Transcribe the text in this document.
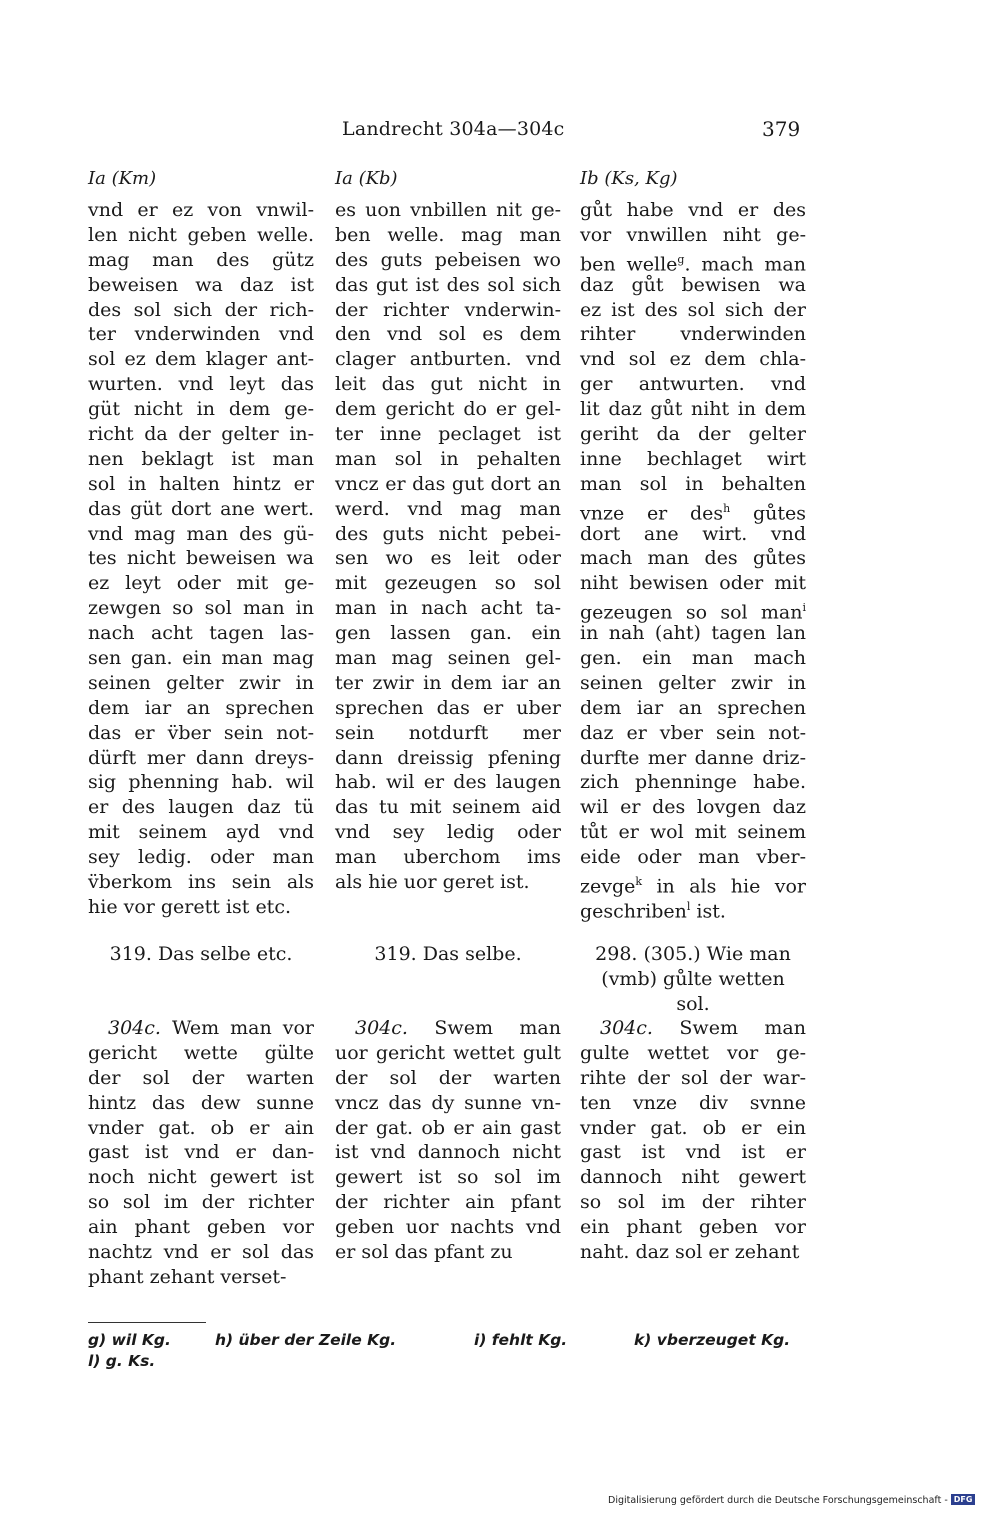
Landrecht 304a—304c	379
Ia (Km)
vnd er ez von vnwil-
len nicht geben welle.
mag man des gütz
beweisen wa daz ist
des sol sich der rich-
ter vnderwinden vnd
sol ez dem klager ant-
wurten. vnd leyt das
güt nicht in dem ge-
richt da der gelter in-
nen beklagt ist man
sol in halten hintz er
das güt dort ane wert.
vnd mag man des gü-
tes nicht beweisen wa
ez leyt oder mit ge-
zewgen so sol man in
nach acht tagen las-
sen gan. ein man mag
seinen gelter zwir in
dem iar an sprechen
das er v̈ber sein not-
dürft mer dann dreys-
sig phenning hab. wil
er des laugen daz tü
mit seinem ayd vnd
sey ledig. oder man
v̈berkom ins sein als
hie vor gerett ist etc.
319. Das selbe etc.
304c. Wem man vor
gericht wette gülte
der sol der warten
hintz das dew sunne
vnder gat. ob er ain
gast ist vnd er dan-
noch nicht gewert ist
so sol im der richter
ain phant geben vor
nachtz vnd er sol das
phant zehant verset-
Ia (Kb)
es uon vnbillen nit ge-
ben welle. mag man
des guts pebeisen wo
das gut ist des sol sich
der richter vnderwin-
den vnd sol es dem
clager antburten. vnd
leit das gut nicht in
dem gericht do er gel-
ter inne peclaget ist
man sol in pehalten
vncz er das gut dort an
werd. vnd mag man
des guts nicht pebei-
sen wo es leit oder
mit gezeugen so sol
man in nach acht ta-
gen lassen gan. ein
man mag seinen gel-
ter zwir in dem iar an
sprechen das er uber
sein notdurft mer
dann dreissig pfening
hab. wil er des laugen
das tu mit seinem aid
vnd sey ledig oder
man uberchom ims
als hie uor geret ist.
319. Das selbe.
304c. Swem man
uor gericht wettet gult
der sol der warten
vncz das dy sunne vn-
der gat. ob er ain gast
ist vnd dannoch nicht
gewert ist so sol im
der richter ain pfant
geben uor nachts vnd
er sol das pfant zu
Ib (Ks, Kg)
gůt habe vnd er des
vor vnwillen niht ge-
ben welle$^g$. mach man
daz gůt bewisen wa
ez ist des sol sich der
rihter vnderwinden
vnd sol ez dem chla-
ger antwurten. vnd
lit daz gůt niht in dem
geriht da der gelter
inne bechlaget wirt
man sol in behalten
vnze er des$^h$ gůtes
dort ane wirt. vnd
mach man des gůtes
niht bewisen oder mit
gezeugen so sol man$^i$
in nah (aht) tagen lan
gen. ein man mach
seinen gelter zwir in
dem iar an sprechen
daz er vber sein not-
durfte mer danne driz-
zich phenninge habe.
wil er des lovgen daz
tůt er wol mit seinem
eide oder man vber-
zevge$^k$ in als hie vor
geschriben$^l$ ist.
298. (305.) Wie man
(vmb) gůlte wetten
sol.
304c. Swem man
gulte wettet vor ge-
rihte der sol der war-
ten vnze div svnne
vnder gat. ob er ein
gast ist vnd ist er
dannoch niht gewert
so sol im der rihter
ein phant geben vor
naht. daz sol er zehant
g) wil Kg.	h) über der Zeile Kg.	i) fehlt Kg.	k) vberzeuget Kg.
l) g. Ks.
Digitalisierung gefördert durch die Deutsche Forschungsgemeinschaft - DFG
